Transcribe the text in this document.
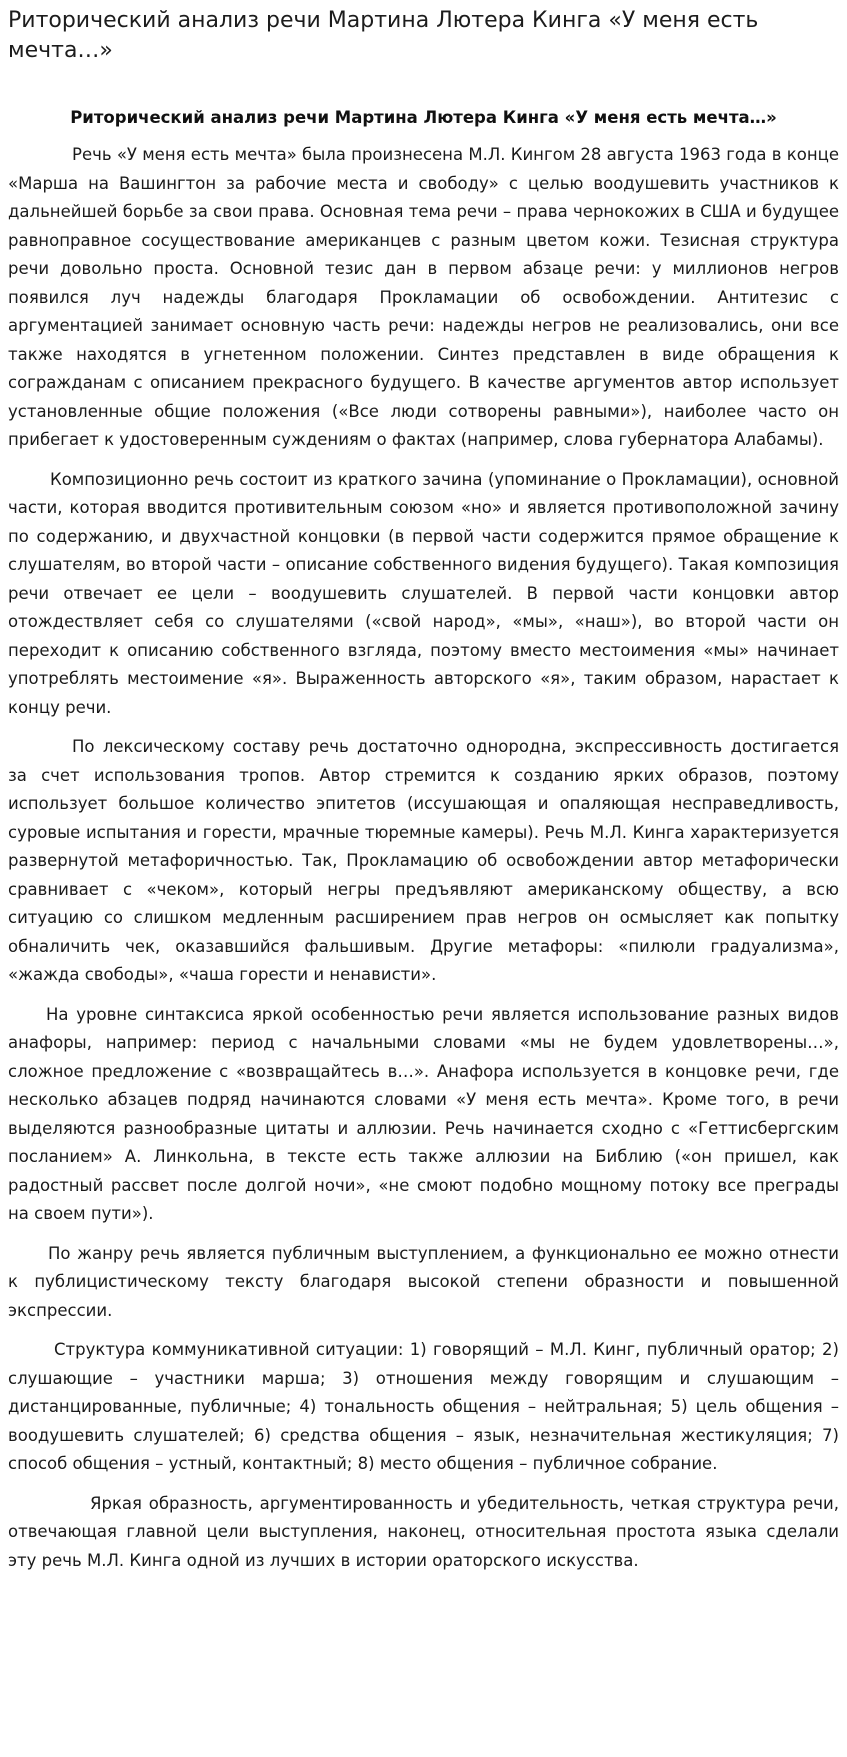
Риторический анализ речи Мартина Лютера Кинга «У меня есть мечта…»
Риторический анализ речи Мартина Лютера Кинга «У меня есть мечта…»

Речь «У меня есть мечта» была произнесена М.Л. Кингом 28 августа 1963 года в конце «Марша на Вашингтон за рабочие места и свободу» с целью воодушевить участников к дальнейшей борьбе за свои права. Основная тема речи – права чернокожих в США и будущее равноправное сосуществование американцев с разным цветом кожи. Тезисная структура речи довольно проста. Основной тезис дан в первом абзаце речи: у миллионов негров появился луч надежды благодаря Прокламации об освобождении. Антитезис с аргументацией занимает основную часть речи: надежды негров не реализовались, они все также находятся в угнетенном положении. Синтез представлен в виде обращения к согражданам с описанием прекрасного будущего. В качестве аргументов автор использует установленные общие положения («Все люди сотворены равными»), наиболее часто он прибегает к удостоверенным суждениям о фактах (например, слова губернатора Алабамы).

Композиционно речь состоит из краткого зачина (упоминание о Прокламации), основной части, которая вводится противительным союзом «но» и является противоположной зачину по содержанию, и двухчастной концовки (в первой части содержится прямое обращение к слушателям, во второй части – описание собственного видения будущего). Такая композиция речи отвечает ее цели – воодушевить слушателей. В первой части концовки автор отождествляет себя со слушателями («свой народ», «мы», «наш»), во второй части он переходит к описанию собственного взгляда, поэтому вместо местоимения «мы» начинает употреблять местоимение «я». Выраженность авторского «я», таким образом, нарастает к концу речи.

По лексическому составу речь достаточно однородна, экспрессивность достигается за счет использования тропов. Автор стремится к созданию ярких образов, поэтому использует большое количество эпитетов (иссушающая и опаляющая несправедливость, суровые испытания и горести, мрачные тюремные камеры). Речь М.Л. Кинга характеризуется развернутой метафоричностью. Так, Прокламацию об освобождении автор метафорически сравнивает с «чеком», который негры предъявляют американскому обществу, а всю ситуацию со слишком медленным расширением прав негров он осмысляет как попытку обналичить чек, оказавшийся фальшивым. Другие метафоры: «пилюли градуализма», «жажда свободы», «чаша горести и ненависти».

На уровне синтаксиса яркой особенностью речи является использование разных видов анафоры, например: период с начальными словами «мы не будем удовлетворены…», сложное предложение с «возвращайтесь в…». Анафора используется в концовке речи, где несколько абзацев подряд начинаются словами «У меня есть мечта». Кроме того, в речи выделяются разнообразные цитаты и аллюзии. Речь начинается сходно с «Геттисбергским посланием» А. Линкольна, в тексте есть также аллюзии на Библию («он пришел, как радостный рассвет после долгой ночи», «не смоют подобно мощному потоку все преграды на своем пути»).

По жанру речь является публичным выступлением, а функционально ее можно отнести к публицистическому тексту благодаря высокой степени образности и повышенной экспрессии.

Структура коммуникативной ситуации: 1) говорящий – М.Л. Кинг, публичный оратор; 2) слушающие – участники марша; 3) отношения между говорящим и слушающим – дистанцированные, публичные; 4) тональность общения – нейтральная; 5) цель общения – воодушевить слушателей; 6) средства общения – язык, незначительная жестикуляция; 7) способ общения – устный, контактный; 8) место общения – публичное собрание.

Яркая образность, аргументированность и убедительность, четкая структура речи, отвечающая главной цели выступления, наконец, относительная простота языка сделали эту речь М.Л. Кинга одной из лучших в истории ораторского искусства.
